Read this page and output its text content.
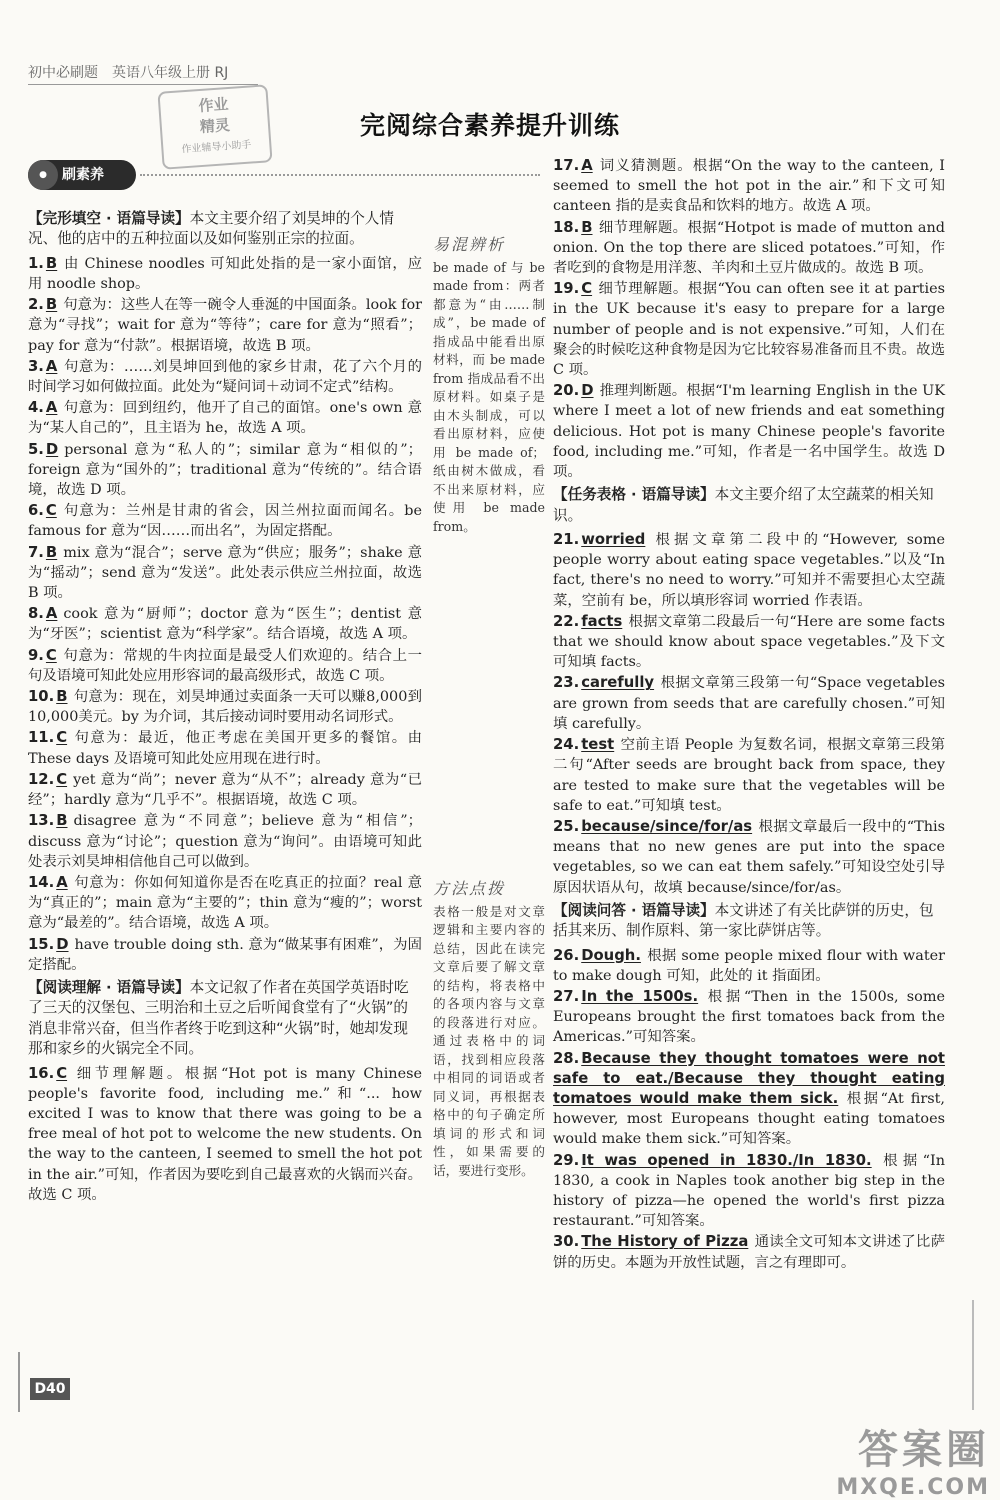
初中必刷题　英语八年级上册 RJ
作业
精灵
作业辅导小助手
完阅综合素养提升训练
● 刷素养
【完形填空 · 语篇导读】本文主要介绍了刘昊坤的个人情况、他的店中的五种拉面以及如何鉴别正宗的拉面。
1. B 由 Chinese noodles 可知此处指的是一家小面馆，应用 noodle shop。
2. B 句意为：这些人在等一碗令人垂涎的中国面条。look for 意为“寻找”；wait for 意为“等待”；care for 意为“照看”；pay for 意为“付款”。根据语境，故选 B 项。
3. A 句意为：……刘昊坤回到他的家乡甘肃，花了六个月的时间学习如何做拉面。此处为“疑问词＋动词不定式”结构。
4. A 句意为：回到纽约，他开了自己的面馆。one's own 意为“某人自己的”，且主语为 he，故选 A 项。
5. D personal 意为“私人的”；similar 意为“相似的”；foreign 意为“国外的”；traditional 意为“传统的”。结合语境，故选 D 项。
6. C 句意为：兰州是甘肃的省会，因兰州拉面而闻名。be famous for 意为“因……而出名”，为固定搭配。
7. B mix 意为“混合”；serve 意为“供应；服务”；shake 意为“摇动”；send 意为“发送”。此处表示供应兰州拉面，故选 B 项。
8. A cook 意为“厨师”；doctor 意为“医生”；dentist 意为“牙医”；scientist 意为“科学家”。结合语境，故选 A 项。
9. C 句意为：常规的牛肉拉面是最受人们欢迎的。结合上一句及语境可知此处应用形容词的最高级形式，故选 C 项。
10. B 句意为：现在，刘昊坤通过卖面条一天可以赚8,000到10,000美元。by 为介词，其后接动词时要用动名词形式。
11. C 句意为：最近，他正考虑在美国开更多的餐馆。由 These days 及语境可知此处应用现在进行时。
12. C yet 意为“尚”；never 意为“从不”；already 意为“已经”；hardly 意为“几乎不”。根据语境，故选 C 项。
13. B disagree 意为“不同意”；believe 意为“相信”；discuss 意为“讨论”；question 意为“询问”。由语境可知此处表示刘昊坤相信他自己可以做到。
14. A 句意为：你如何知道你是否在吃真正的拉面？real 意为“真正的”；main 意为“主要的”；thin 意为“瘦的”；worst 意为“最差的”。结合语境，故选 A 项。
15. D have trouble doing sth. 意为“做某事有困难”，为固定搭配。
【阅读理解 · 语篇导读】本文记叙了作者在英国学英语时吃了三天的汉堡包、三明治和土豆之后听闻食堂有了“火锅”的消息非常兴奋，但当作者终于吃到这种“火锅”时，她却发现那和家乡的火锅完全不同。
16. C 细节理解题。根据“Hot pot is many Chinese people's favorite food, including me.”和“... how excited I was to know that there was going to be a free meal of hot pot to welcome the new students. On the way to the canteen, I seemed to smell the hot pot in the air.”可知，作者因为要吃到自己最喜欢的火锅而兴奋。故选 C 项。
易混辨析
be made of 与 be made from：两者都意为“由……制成”，be made of 指成品中能看出原材料，而 be made from 指成品看不出原材料。如桌子是由木头制成，可以看出原材料，应使用 be made of；纸由树木做成，看不出来原材料，应使用 be made from。
方法点拨
表格一般是对文章逻辑和主要内容的总结，因此在读完文章后要了解文章的结构，将表格中的各项内容与文章的段落进行对应。通过表格中的词语，找到相应段落中相同的词语或者同义词，再根据表格中的句子确定所填词的形式和词性，如果需要的话，要进行变形。
17. A 词义猜测题。根据“On the way to the canteen, I seemed to smell the hot pot in the air.”和下文可知 canteen 指的是卖食品和饮料的地方。故选 A 项。
18. B 细节理解题。根据“Hotpot is made of mutton and onion. On the top there are sliced potatoes.”可知，作者吃到的食物是用洋葱、羊肉和土豆片做成的。故选 B 项。
19. C 细节理解题。根据“You can often see it at parties in the UK because it's easy to prepare for a large number of people and is not expensive.”可知，人们在聚会的时候吃这种食物是因为它比较容易准备而且不贵。故选 C 项。
20. D 推理判断题。根据“I'm learning English in the UK where I meet a lot of new friends and eat something delicious. Hot pot is many Chinese people's favorite food, including me.”可知，作者是一名中国学生。故选 D 项。
【任务表格 · 语篇导读】本文主要介绍了太空蔬菜的相关知识。
21. worried 根据文章第二段中的“However, some people worry about eating space vegetables.”以及“In fact, there's no need to worry.”可知并不需要担心太空蔬菜，空前有 be，所以填形容词 worried 作表语。
22. facts 根据文章第二段最后一句“Here are some facts that we should know about space vegetables.”及下文可知填 facts。
23. carefully 根据文章第三段第一句“Space vegetables are grown from seeds that are carefully chosen.”可知填 carefully。
24. test 空前主语 People 为复数名词，根据文章第三段第二句“After seeds are brought back from space, they are tested to make sure that the vegetables will be safe to eat.”可知填 test。
25. because/since/for/as 根据文章最后一段中的“This means that no new genes are put into the space vegetables, so we can eat them safely.”可知设空处引导原因状语从句，故填 because/since/for/as。
【阅读问答 · 语篇导读】本文讲述了有关比萨饼的历史，包括其来历、制作原料、第一家比萨饼店等。
26. Dough. 根据 some people mixed flour with water to make dough 可知，此处的 it 指面团。
27. In the 1500s. 根据“Then in the 1500s, some Europeans brought the first tomatoes back from the Americas.”可知答案。
28. Because they thought tomatoes were not safe to eat./Because they thought eating tomatoes would make them sick. 根据“At first, however, most Europeans thought eating tomatoes would make them sick.”可知答案。
29. It was opened in 1830./In 1830. 根据“In 1830, a cook in Naples took another big step in the history of pizza—he opened the world's first pizza restaurant.”可知答案。
30. The History of Pizza 通读全文可知本文讲述了比萨饼的历史。本题为开放性试题，言之有理即可。
D40
答案圈
MXQE.COM
